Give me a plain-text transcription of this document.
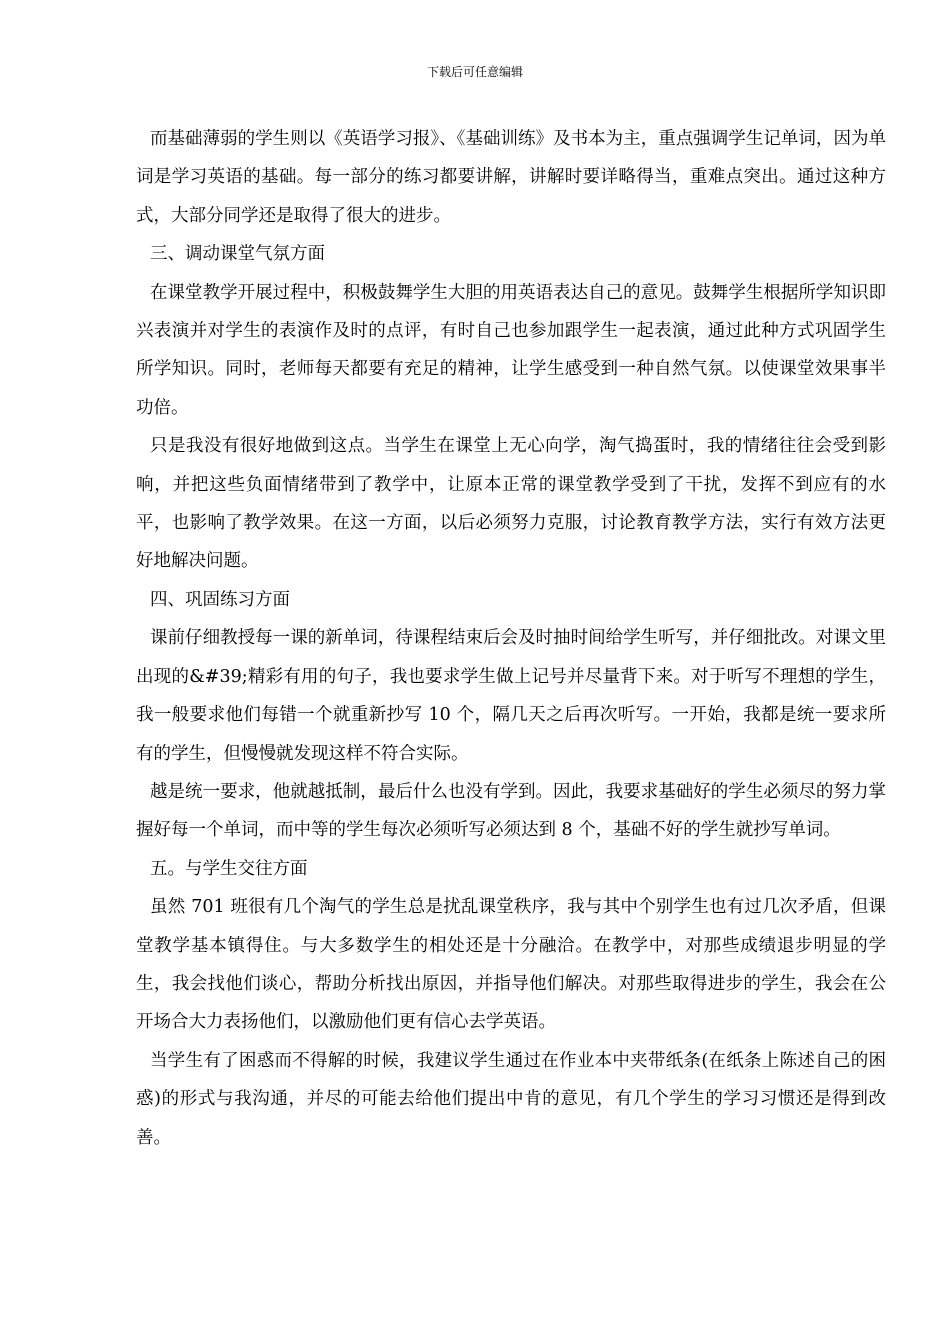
下载后可任意编辑

而基础薄弱的学生则以《英语学习报》、《基础训练》及书本为主，重点强调学生记单词，因为单词是学习英语的基础。每一部分的练习都要讲解，讲解时要详略得当，重难点突出。通过这种方式，大部分同学还是取得了很大的进步。

三、调动课堂气氛方面

在课堂教学开展过程中，积极鼓舞学生大胆的用英语表达自己的意见。鼓舞学生根据所学知识即兴表演并对学生的表演作及时的点评，有时自己也参加跟学生一起表演，通过此种方式巩固学生所学知识。同时，老师每天都要有充足的精神，让学生感受到一种自然气氛。以使课堂效果事半功倍。

只是我没有很好地做到这点。当学生在课堂上无心向学，淘气捣蛋时，我的情绪往往会受到影响，并把这些负面情绪带到了教学中，让原本正常的课堂教学受到了干扰，发挥不到应有的水平，也影响了教学效果。在这一方面，以后必须努力克服，讨论教育教学方法，实行有效方法更好地解决问题。

四、巩固练习方面

课前仔细教授每一课的新单词，待课程结束后会及时抽时间给学生听写，并仔细批改。对课文里出现的&#39;精彩有用的句子，我也要求学生做上记号并尽量背下来。对于听写不理想的学生，我一般要求他们每错一个就重新抄写 10 个，隔几天之后再次听写。一开始，我都是统一要求所有的学生，但慢慢就发现这样不符合实际。

越是统一要求，他就越抵制，最后什么也没有学到。因此，我要求基础好的学生必须尽的努力掌握好每一个单词，而中等的学生每次必须听写必须达到 8 个，基础不好的学生就抄写单词。

五。与学生交往方面

虽然 701 班很有几个淘气的学生总是扰乱课堂秩序，我与其中个别学生也有过几次矛盾，但课堂教学基本镇得住。与大多数学生的相处还是十分融洽。在教学中，对那些成绩退步明显的学生，我会找他们谈心，帮助分析找出原因，并指导他们解决。对那些取得进步的学生，我会在公开场合大力表扬他们，以激励他们更有信心去学英语。

当学生有了困惑而不得解的时候，我建议学生通过在作业本中夹带纸条(在纸条上陈述自己的困惑)的形式与我沟通，并尽的可能去给他们提出中肯的意见，有几个学生的学习习惯还是得到改善。
